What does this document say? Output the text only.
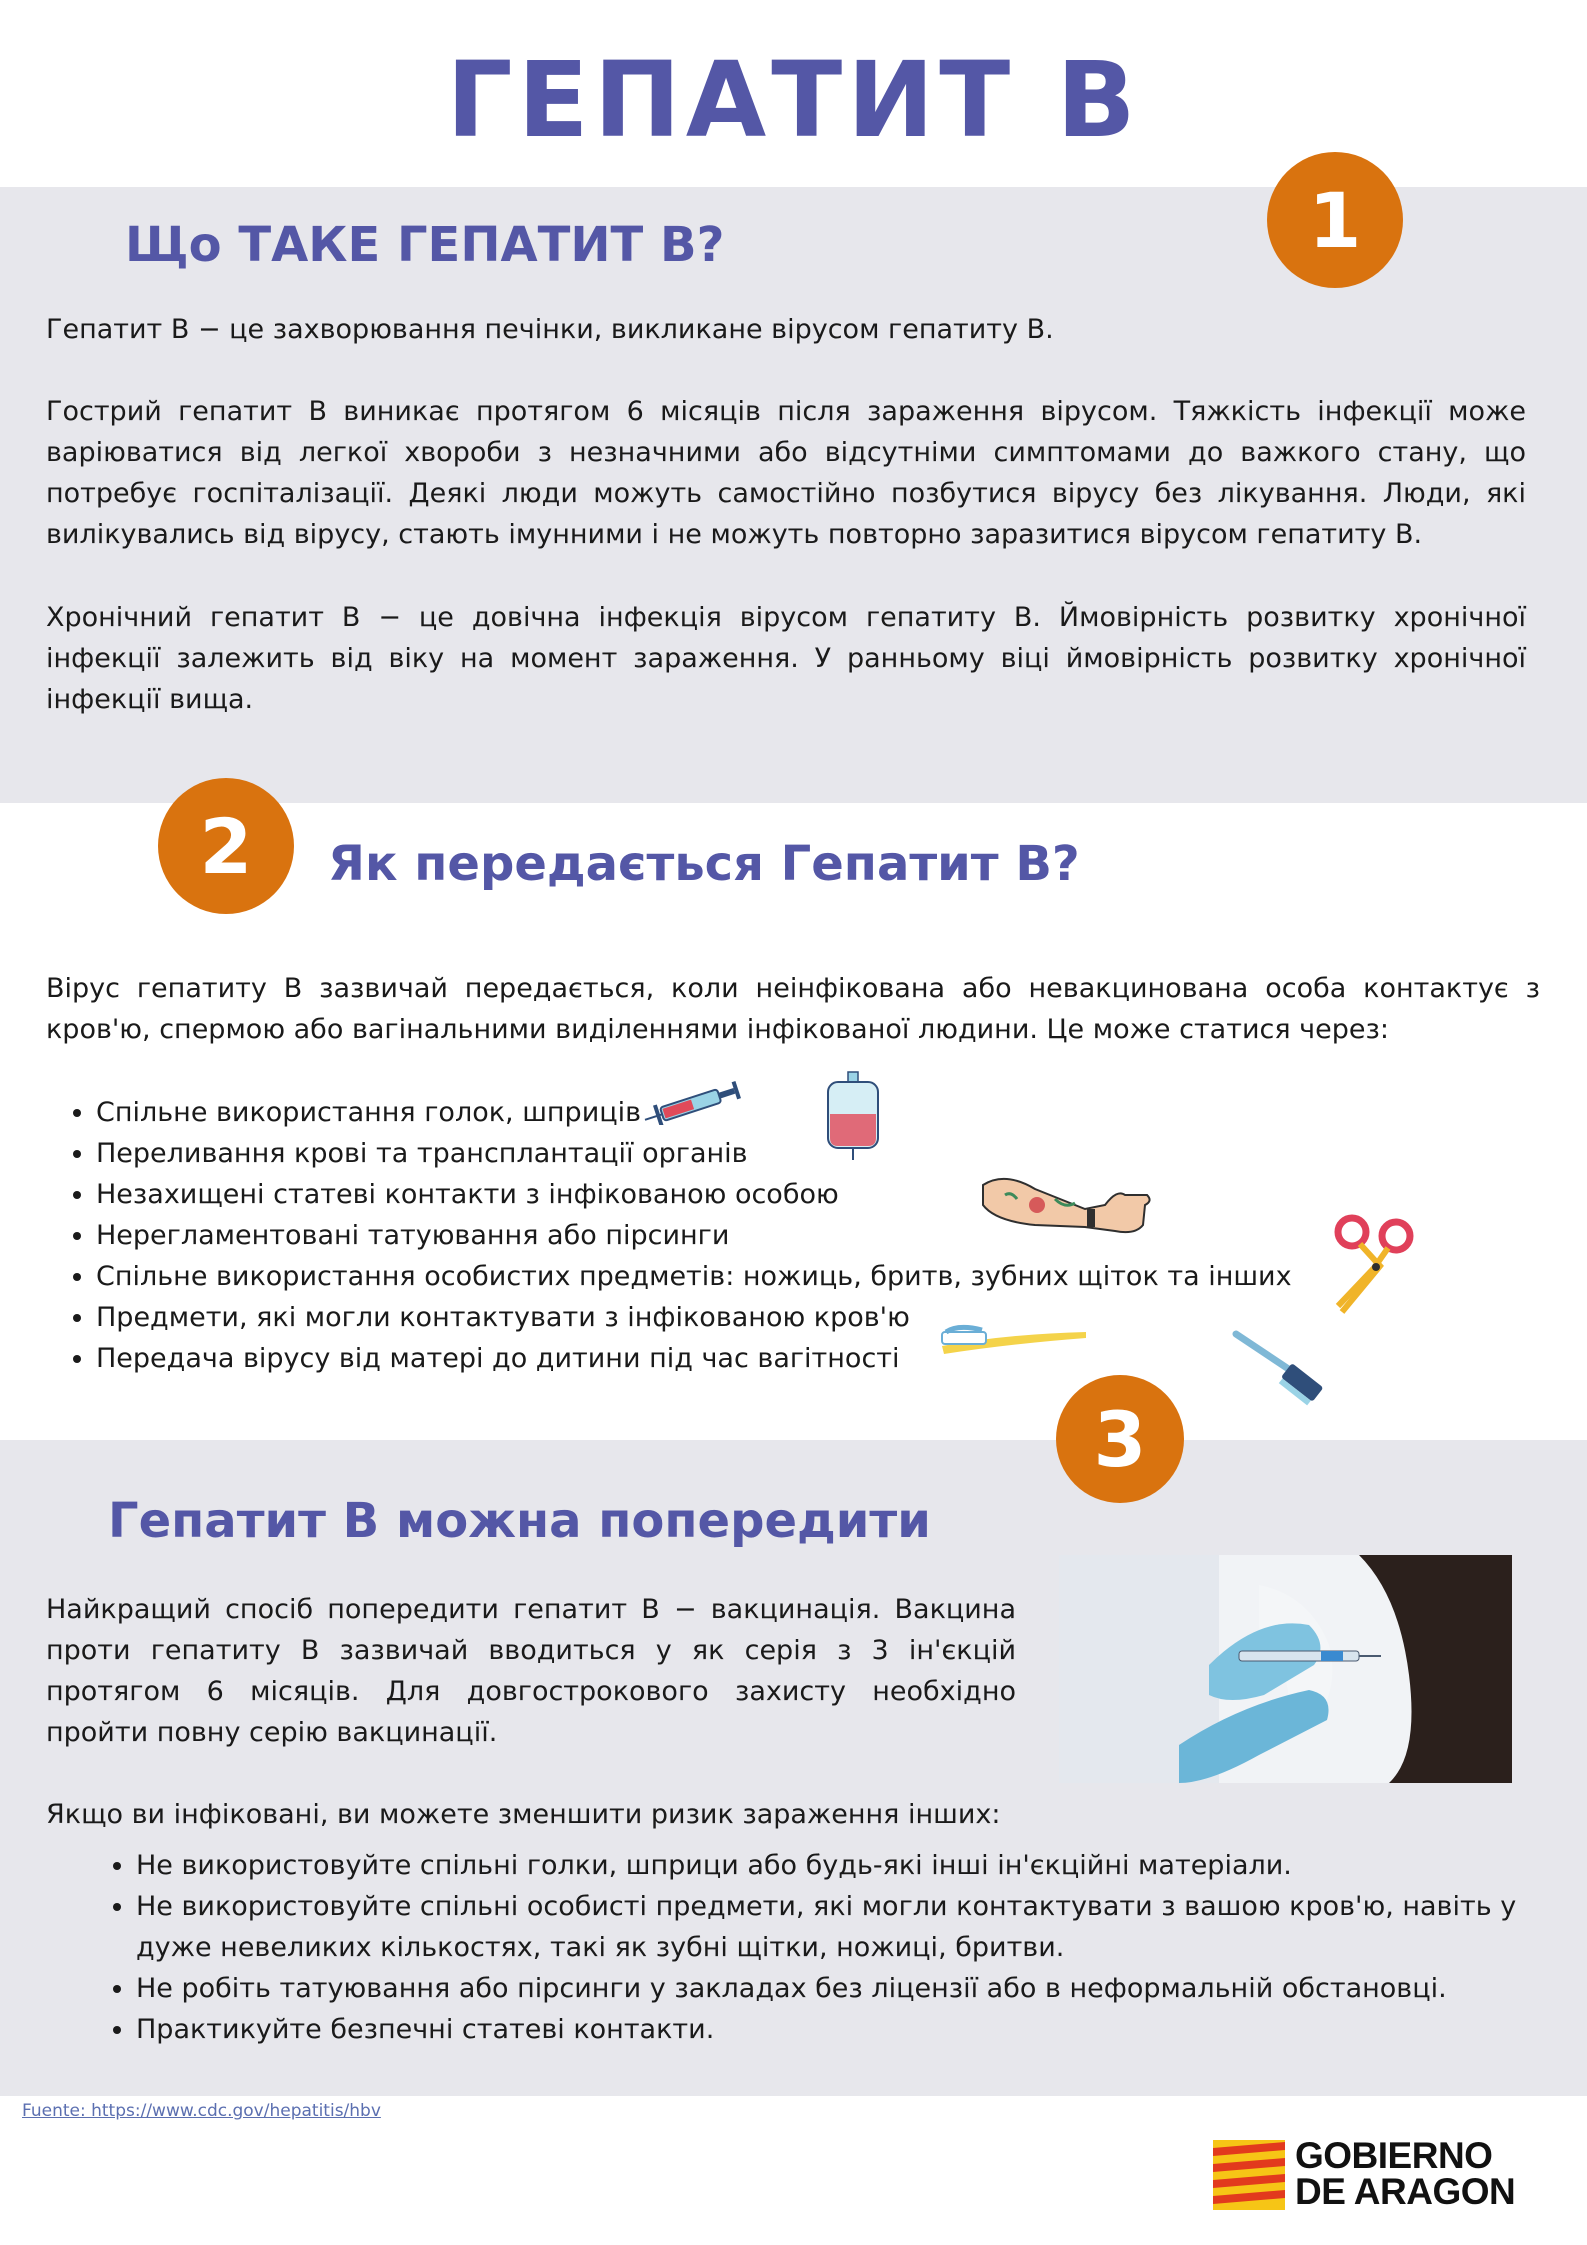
ГЕПАТИТ В
1
Що ТАКЕ ГЕПАТИТ В?

Гепатит В − це захворювання печінки, викликане вірусом гепатиту В.

Гострий гепатит В виникає протягом 6 місяців після зараження вірусом. Тяжкість інфекції може варіюватися від легкої хвороби з незначними або відсутніми симптомами до важкого стану, що потребує госпіталізації. Деякі люди можуть самостійно позбутися вірусу без лікування. Люди, які вилікувались від вірусу, стають імунними і не можуть повторно заразитися вірусом гепатиту В.

Хронічний гепатит В − це довічна інфекція вірусом гепатиту В. Ймовірність розвитку хронічної інфекції залежить від віку на момент зараження. У ранньому віці ймовірність розвитку хронічної інфекції вища.

2	Як передається Гепатит В?

Вірус гепатиту В зазвичай передається, коли неінфікована або невакцинована особа контактує з кров'ю, спермою або вагінальними виділеннями інфікованої людини. Це може статися через:

• Спільне використання голок, шприців
• Переливання крові та трансплантації органів
• Незахищені статеві контакти з інфікованою особою
• Нерегламентовані татуювання або пірсинги
• Спільне використання особистих предметів: ножиць, бритв, зубних щіток та інших
• Предмети, які могли контактувати з інфікованою кров'ю
• Передача вірусу від матері до дитини під час вагітності
3
Гепатит В можна попередити

Найкращий спосіб попередити гепатит В − вакцинація. Вакцина проти гепатиту В зазвичай вводиться у як серія з 3 ін'єкцій протягом 6 місяців. Для довгострокового захисту необхідно пройти повну серію вакцинації.

Якщо ви інфіковані, ви можете зменшити ризик зараження інших:

• Не використовуйте спільні голки, шприци або будь-які інші ін'єкційні матеріали.
• Не використовуйте спільні особисті предмети, які могли контактувати з вашою кров'ю, навіть у дуже невеликих кількостях, такі як зубні щітки, ножиці, бритви.
• Не робіть татуювання або пірсинги у закладах без ліцензії або в неформальній обстановці.
• Практикуйте безпечні статеві контакти.
Fuente: https://www.cdc.gov/hepatitis/hbv
GOBIERNO
DE ARAGON
